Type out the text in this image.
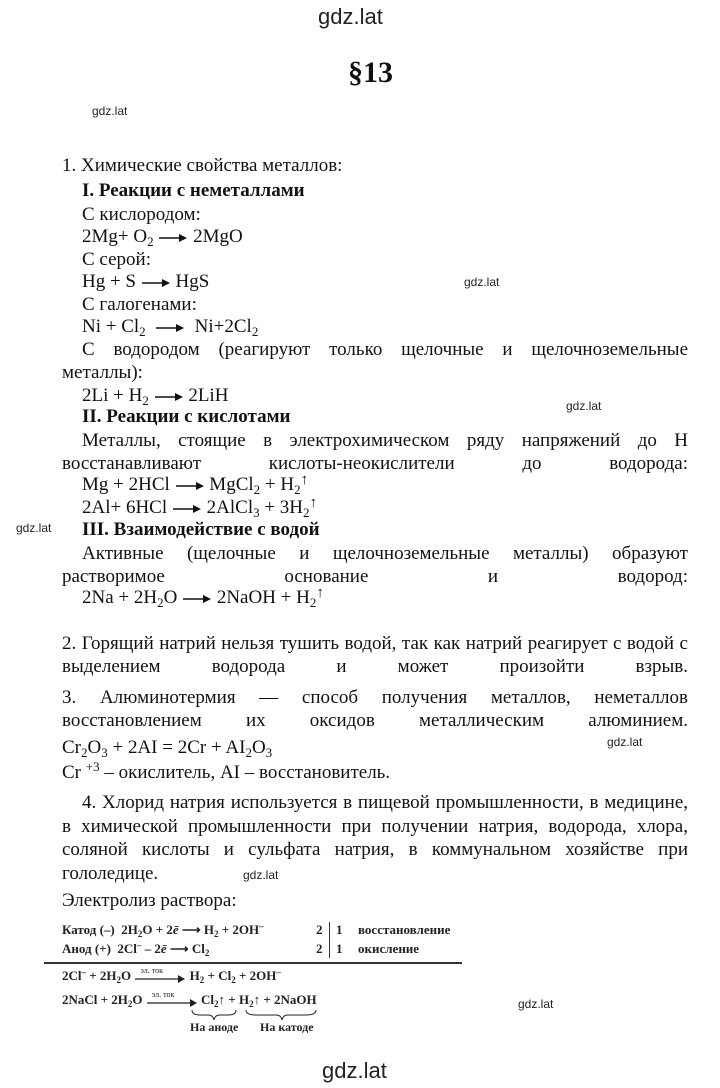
gdz.lat
gdz.lat
gdz.lat
gdz.lat
gdz.lat
gdz.lat
gdz.lat
gdz.lat
gdz.lat
§13
1. Химические свойства металлов:
I. Реакции с неметаллами
С кислородом:
$2Mg+ O_2$
2MgO
С серой:
Hg + S
HgS
С галогенами:
$Ni + Cl_2$
$Ni+2Cl_2$
С водородом (реагируют только щелочные и щелочноземельные металлы):
$2Li + H_2$
2LiH
II. Реакции с кислотами
Металлы, стоящие в электрохимическом ряду напряжений до H восстанавливают кислоты-неокислители до водорода:
Mg + 2HCl
MgCl$_2$ + $H_2↑$
2Al+ 6HCl
2AlCl$_3$ + $3H_2↑$
III. Взаимодействие с водой
Активные (щелочные и щелочноземельные металлы) образуют растворимое основание и водород:
$2Na + 2H_2O$
2NaOH + $H_2↑$
2. Горящий натрий нельзя тушить водой, так как натрий реагирует с водой с выделением водорода и может произойти взрыв.
3. Алюминотермия — способ получения металлов, неметаллов восстановлением их оксидов металлическим алюминием.
$Cr_2O_3 + 2AI = 2Cr + AI_2O_3$
Cr $^{+3}$ – окислитель, AI – восстановитель.
4. Хлорид натрия используется в пищевой промышленности, в медицине, в химической промышленности при получении натрия, водорода, хлора, соляной кислоты и сульфата натрия, в коммунальном хозяйстве при гололедице.
Электролиз раствора:
Катод (–)  $2H_2O$ + 2ē ⟶ $H_2 + 2OH^-$
Анод (+)  2Cl– – 2ē ⟶ $Cl_2$
2
2
1
1
восстановление
окисление
$2Cl^- + 2H_2O$ эл. ток $H_2 + Cl_2 + 2OH^-$
2NaCl + $2H_2O$ эл. ток $Cl_2↑$ + $H_2↑$ + 2NaOH
На аноде На катоде
